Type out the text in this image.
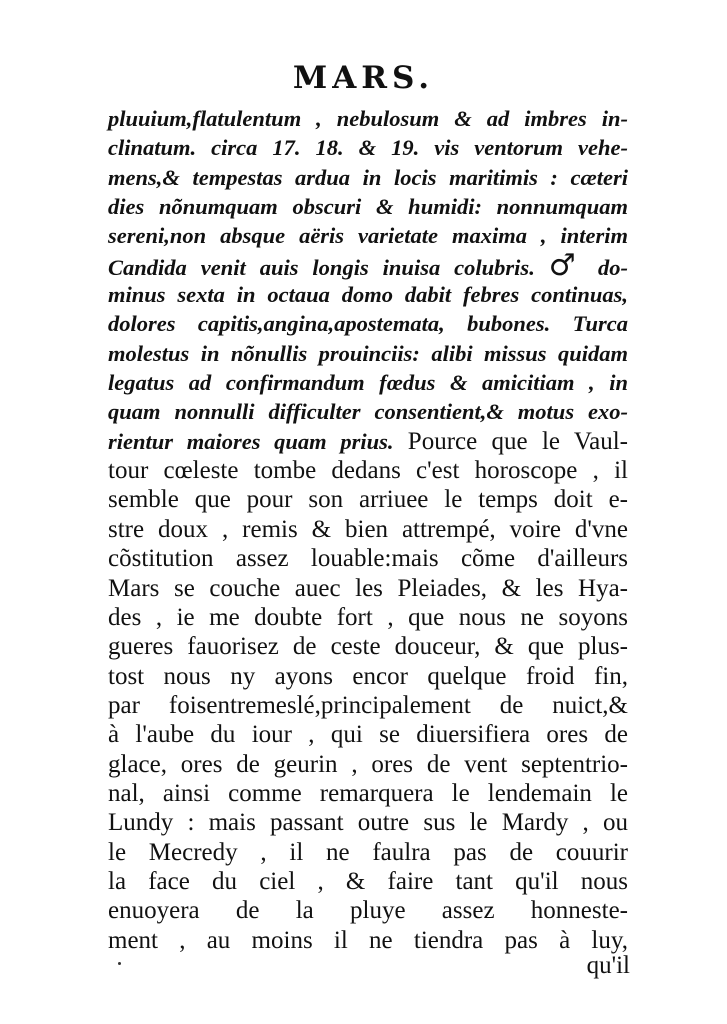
MARS.
pluuium,flatulentum , nebulosum & ad imbres in-
clinatum. circa 17. 18. & 19. vis ventorum vehe-
mens,& tempestas ardua in locis maritimis : cæteri
dies nõnumquam obscuri & humidi: nonnumquam
sereni,non absque aëris varietate maxima , interim
Candida venit auis longis inuisa colubris. ♂ do-
minus sexta in octaua domo dabit febres continuas,
dolores capitis,angina,apostemata, bubones. Turca
molestus in nõnullis prouinciis: alibi missus quidam
legatus ad confirmandum fœdus & amicitiam , in
quam nonnulli difficulter consentient,& motus exo-
rientur maiores quam prius. Pource que le Vaul-
tour cœleste tombe dedans c'est horoscope , il
semble que pour son arriuee le temps doit e-
stre doux , remis & bien attrempé, voire d'vne
cõstitution assez louable:mais cõme d'ailleurs
Mars se couche auec les Pleiades, & les Hya-
des , ie me doubte fort , que nous ne soyons
gueres fauorisez de ceste douceur, & que plus-
tost nous ny ayons encor quelque froid fin,
par foisentremeslé,principalement de nuict,&
à l'aube du iour , qui se diuersifiera ores de
glace, ores de geurin , ores de vent septentrio-
nal, ainsi comme remarquera le lendemain le
Lundy : mais passant outre sus le Mardy , ou
le Mecredy , il ne faulra pas de couurir
la face du ciel , & faire tant qu'il nous
enuoyera de la pluye assez honneste-
ment , au moins il ne tiendra pas à luy,
qu'il
